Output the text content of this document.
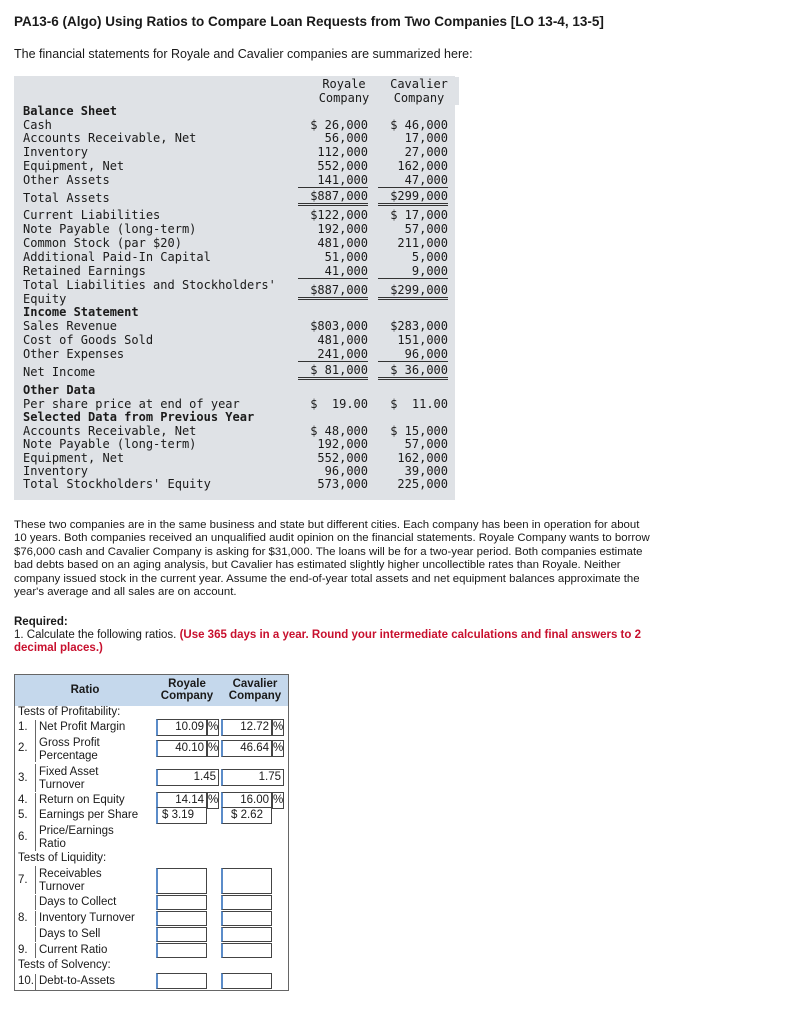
PA13-6 (Algo) Using Ratios to Compare Loan Requests from Two Companies [LO 13-4, 13-5]

The financial statements for Royale and Cavalier companies are summarized here:

Royale
Company
Cavalier
Company
Balance Sheet
Cash	$ 26,000	$ 46,000
Accounts Receivable, Net	56,000	17,000
Inventory	112,000	27,000
Equipment, Net	552,000	162,000
Other Assets	141,000	47,000
Total Assets	$887,000	$299,000
Current Liabilities	$122,000	$ 17,000
Note Payable (long-term)	192,000	57,000
Common Stock (par $20)	481,000	211,000
Additional Paid-In Capital	51,000	5,000
Retained Earnings	41,000	9,000
Total Liabilities and Stockholders'
Equity
$887,000	$299,000
Income Statement
Sales Revenue	$803,000	$283,000
Cost of Goods Sold	481,000	151,000
Other Expenses	241,000	96,000
Net Income	$ 81,000	$ 36,000
Other Data
Per share price at end of year	$  19.00	$  11.00
Selected Data from Previous Year
Accounts Receivable, Net	$ 48,000	$ 15,000
Note Payable (long-term)	192,000	57,000
Equipment, Net	552,000	162,000
Inventory	96,000	39,000
Total Stockholders' Equity	573,000	225,000

These two companies are in the same business and state but different cities. Each company has been in operation for about 10 years. Both companies received an unqualified audit opinion on the financial statements. Royale Company wants to borrow $76,000 cash and Cavalier Company is asking for $31,000. The loans will be for a two-year period. Both companies estimate bad debts based on an aging analysis, but Cavalier has estimated slightly higher uncollectible rates than Royale. Neither company issued stock in the current year. Assume the end-of-year total assets and net equipment balances approximate the year's average and all sales are on account.

Required:

1. Calculate the following ratios. (Use 365 days in a year. Round your intermediate calculations and final answers to 2 decimal places.)

Ratio	Royale
Company
Cavalier
Company
Tests of Profitability:
1. Net Profit Margin	10.09 %	12.72 %
2. Gross Profit
Percentage
40.10 %	46.64 %
3. Fixed Asset
Turnover
1.45	1.75
4. Return on Equity	14.14 %	16.00 %
5. Earnings per Share	$ 3.19	$ 2.62
6. Price/Earnings
Ratio
Tests of Liquidity:
7. Receivables
Turnover
Days to Collect
8. Inventory Turnover
Days to Sell
9. Current Ratio
Tests of Solvency:
10. Debt-to-Assets
